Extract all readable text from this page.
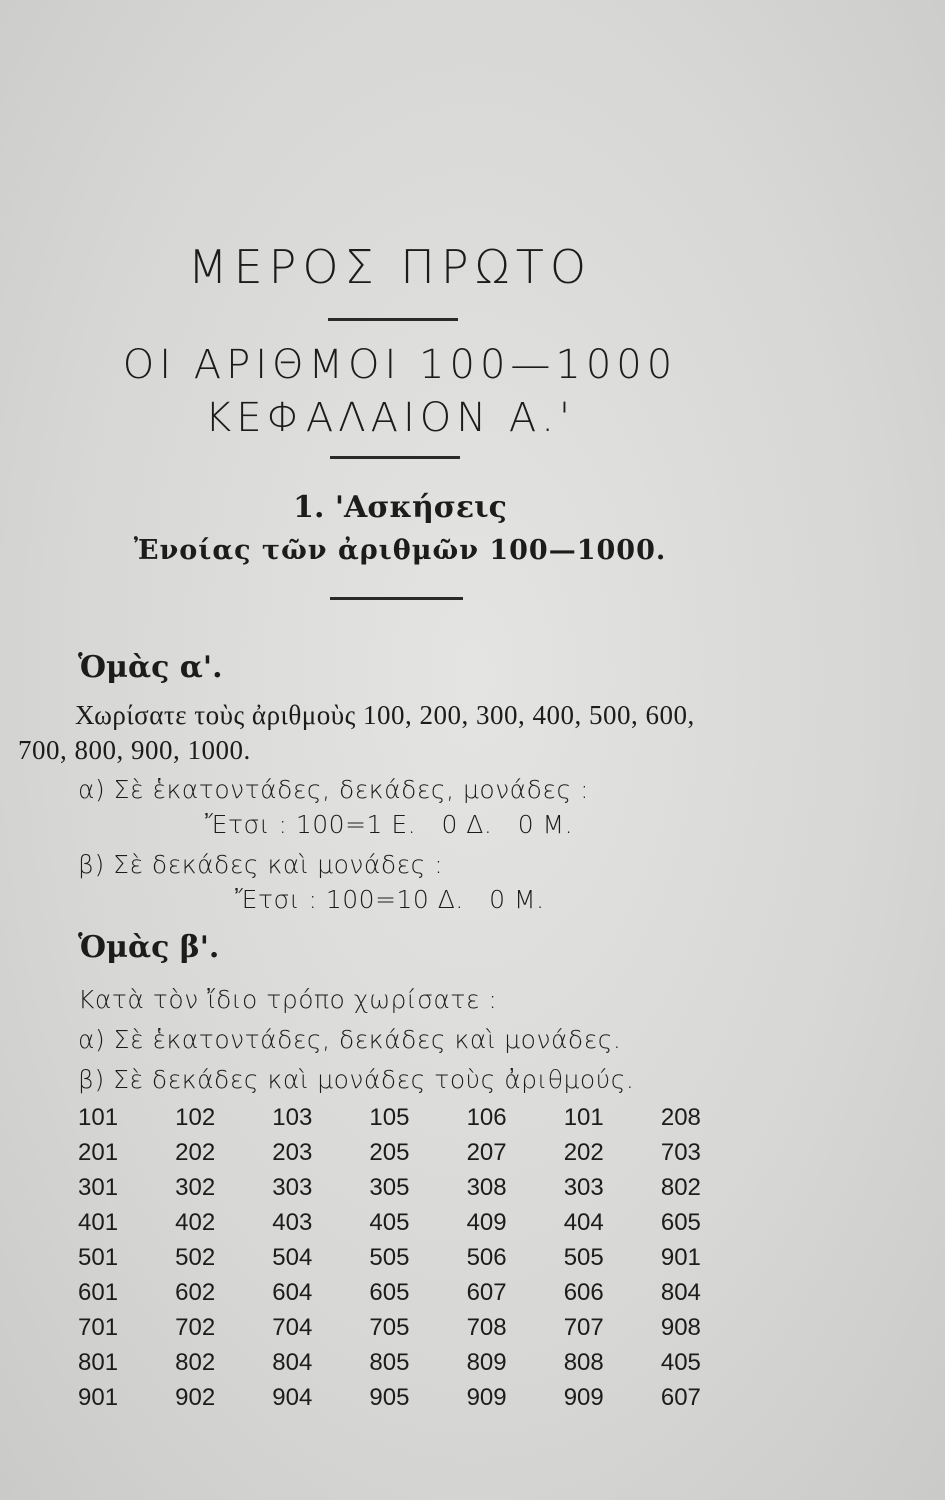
ΜΕΡΟΣ ΠΡΩΤΟ
ΟΙ ΑΡΙΘΜΟΙ 100—1000
ΚΕΦΑΛΑΙΟΝ Α.'
1. 'Ασκήσεις
Ἐνοίας τῶν ἀριθμῶν 100—1000.
Ὁμὰς α'.
Χωρίσατε τοὺς ἀριθμοὺς 100, 200, 300, 400, 500, 600,
700, 800, 900, 1000.
α) Σὲ ἑκατοντάδες, δεκάδες, μονάδες :
Ἔτσι : 100=1 Ε.   0 Δ.   0 Μ.
β) Σὲ δεκάδες καὶ μονάδες :
Ἔτσι : 100=10 Δ.   0 Μ.
Ὁμὰς β'.
Κατὰ τὸν ἴδιο τρόπο χωρίσατε :
α) Σὲ ἑκατοντάδες, δεκάδες καὶ μονάδες.
β) Σὲ δεκάδες καὶ μονάδες τοὺς ἀριθμούς.
101	102	103	105	106	101	208
201	202	203	205	207	202	703
301	302	303	305	308	303	802
401	402	403	405	409	404	605
501	502	504	505	506	505	901
601	602	604	605	607	606	804
701	702	704	705	708	707	908
801	802	804	805	809	808	405
901	902	904	905	909	909	607
